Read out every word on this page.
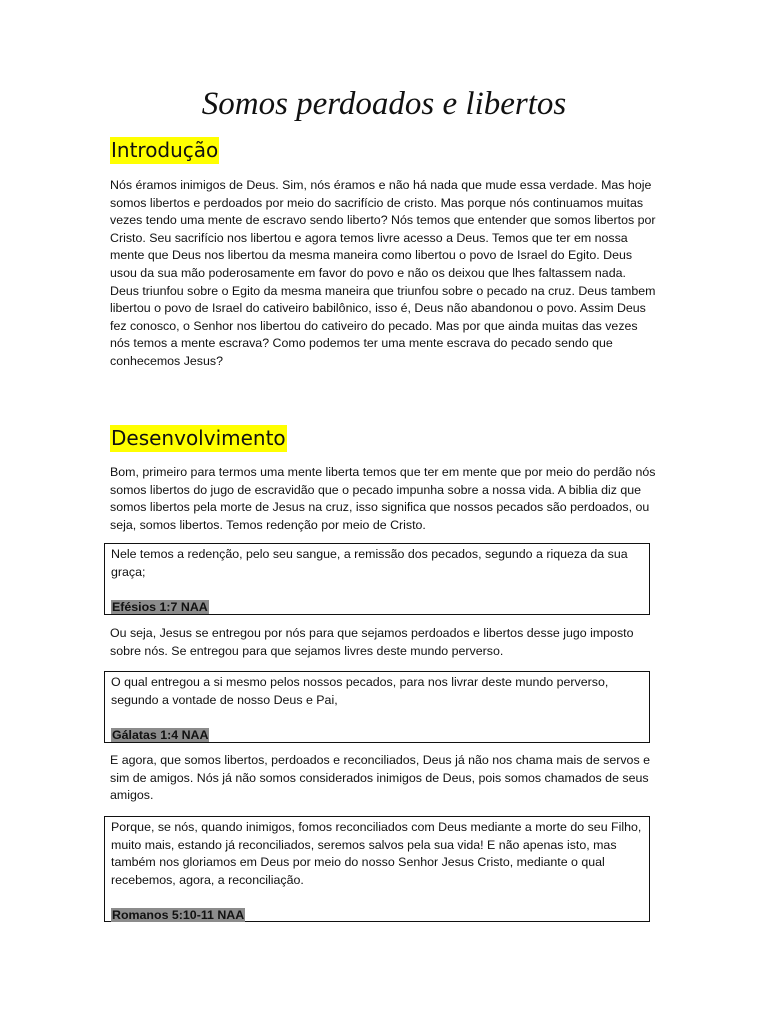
Somos perdoados e libertos
Introdução
Nós éramos inimigos de Deus. Sim, nós éramos e não há nada que mude essa verdade. Mas hoje somos libertos e perdoados por meio do sacrifício de cristo. Mas porque nós continuamos muitas vezes tendo uma mente de escravo sendo liberto? Nós temos que entender que somos libertos por Cristo. Seu sacrifício nos libertou e agora temos livre acesso a Deus. Temos que ter em nossa mente que Deus nos libertou da mesma maneira como libertou o povo de Israel do Egito. Deus usou da sua mão poderosamente em favor do povo e não os deixou que lhes faltassem nada. Deus triunfou sobre o Egito da mesma maneira que triunfou sobre o pecado na cruz. Deus tambem libertou o povo de Israel do cativeiro babilônico, isso é, Deus não abandonou o povo. Assim Deus fez conosco, o Senhor nos libertou do cativeiro do pecado. Mas por que ainda muitas das vezes nós temos a mente escrava? Como podemos ter uma mente escrava do pecado sendo que conhecemos Jesus?
Desenvolvimento
Bom, primeiro para termos uma mente liberta temos que ter em mente que por meio do perdão nós somos libertos do jugo de escravidão que o pecado impunha sobre a nossa vida. A biblia diz que somos libertos pela morte de Jesus na cruz, isso significa que nossos pecados são perdoados, ou seja, somos libertos. Temos redenção por meio de Cristo.
Nele temos a redenção, pelo seu sangue, a remissão dos pecados, segundo a riqueza da sua graça;
Efésios 1:7 NAA
Ou seja, Jesus se entregou por nós para que sejamos perdoados e libertos desse jugo imposto sobre nós. Se entregou para que sejamos livres deste mundo perverso.
O qual entregou a si mesmo pelos nossos pecados, para nos livrar deste mundo perverso, segundo a vontade de nosso Deus e Pai,
Gálatas 1:4 NAA
E agora, que somos libertos, perdoados e reconciliados, Deus já não nos chama mais de servos e sim de amigos. Nós já não somos considerados inimigos de Deus, pois somos chamados de seus amigos.
Porque, se nós, quando inimigos, fomos reconciliados com Deus mediante a morte do seu Filho, muito mais, estando já reconciliados, seremos salvos pela sua vida! E não apenas isto, mas também nos gloriamos em Deus por meio do nosso Senhor Jesus Cristo, mediante o qual recebemos, agora, a reconciliação.
Romanos 5:10-11 NAA
